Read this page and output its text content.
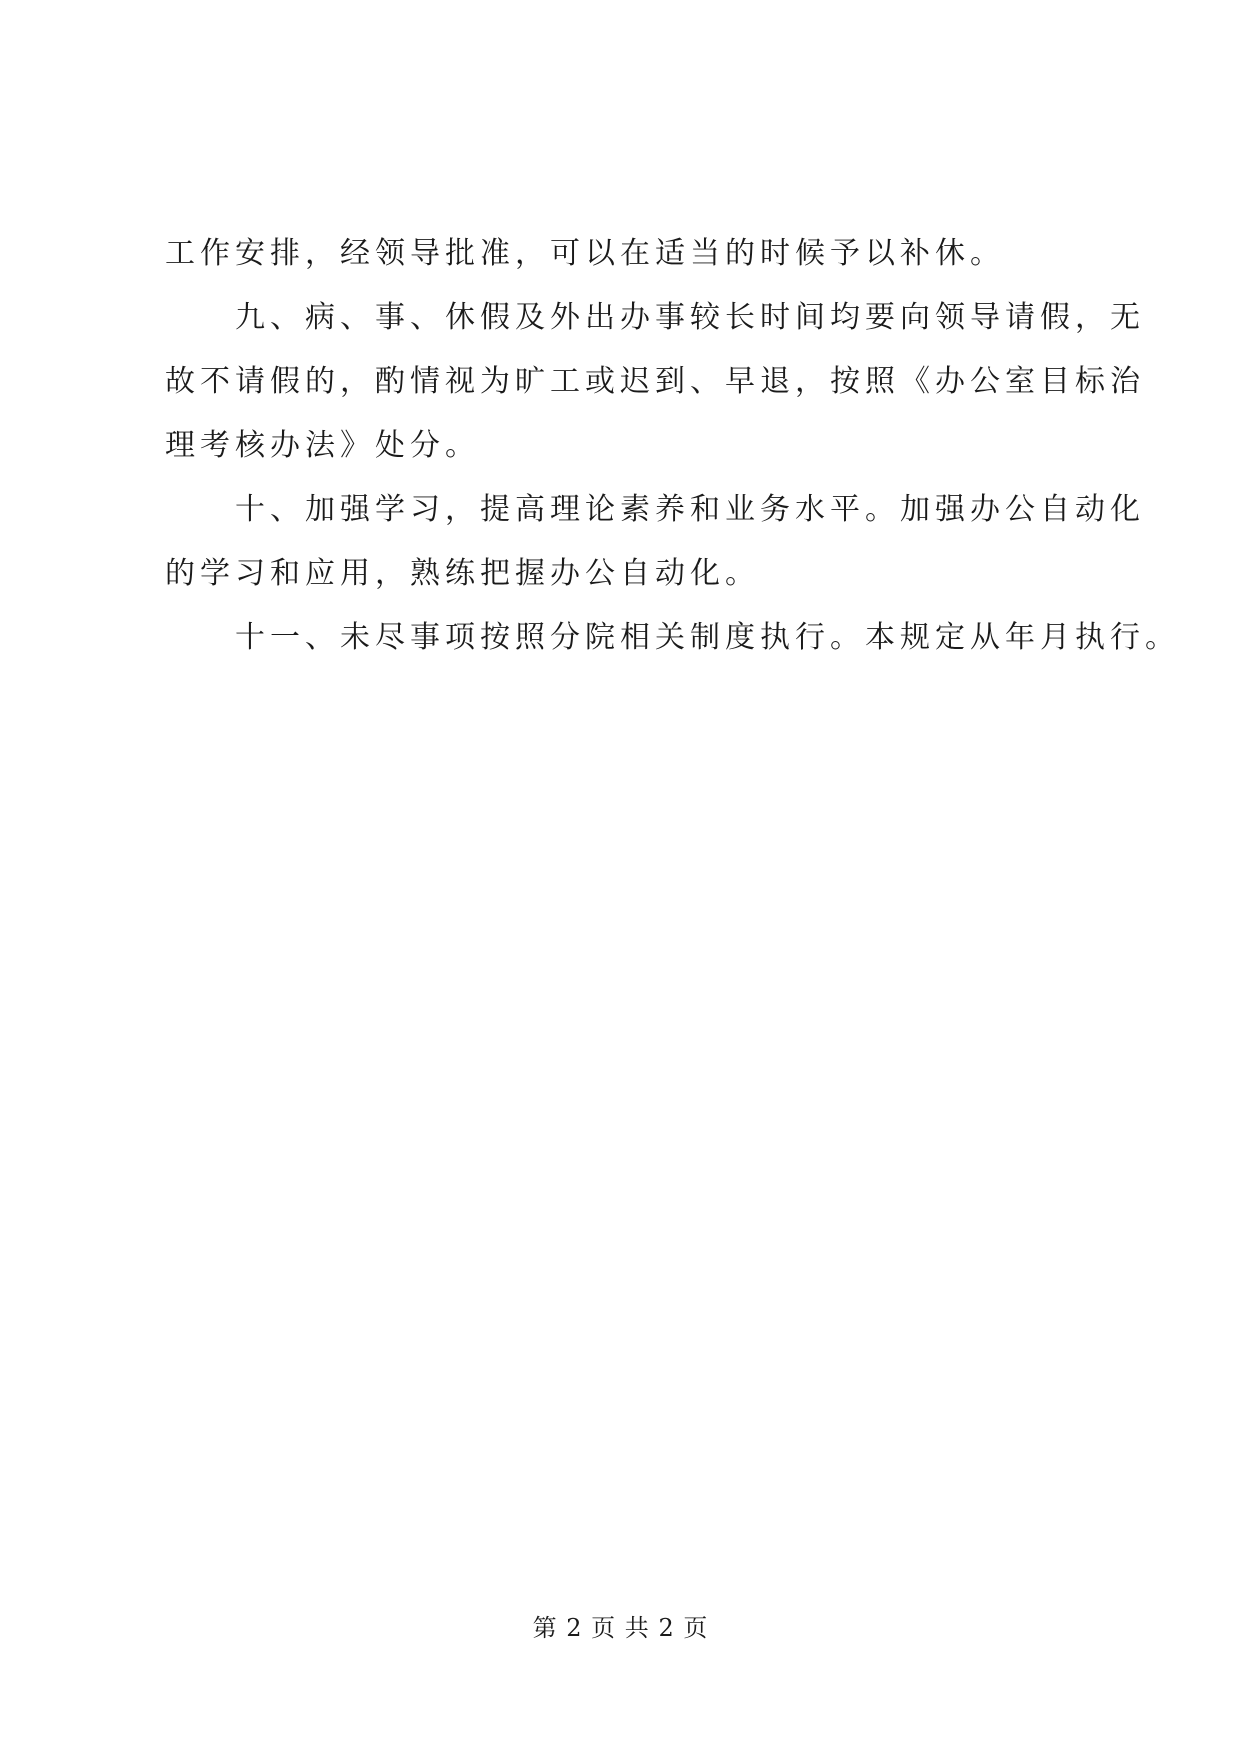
工作安排，经领导批准，可以在适当的时候予以补休。
九、病、事、休假及外出办事较长时间均要向领导请假，无
故不请假的，酌情视为旷工或迟到、早退，按照《办公室目标治
理考核办法》处分。
十、加强学习，提高理论素养和业务水平。加强办公自动化
的学习和应用，熟练把握办公自动化。
十一、未尽事项按照分院相关制度执行。本规定从年月执行。
第 2 页 共 2 页
